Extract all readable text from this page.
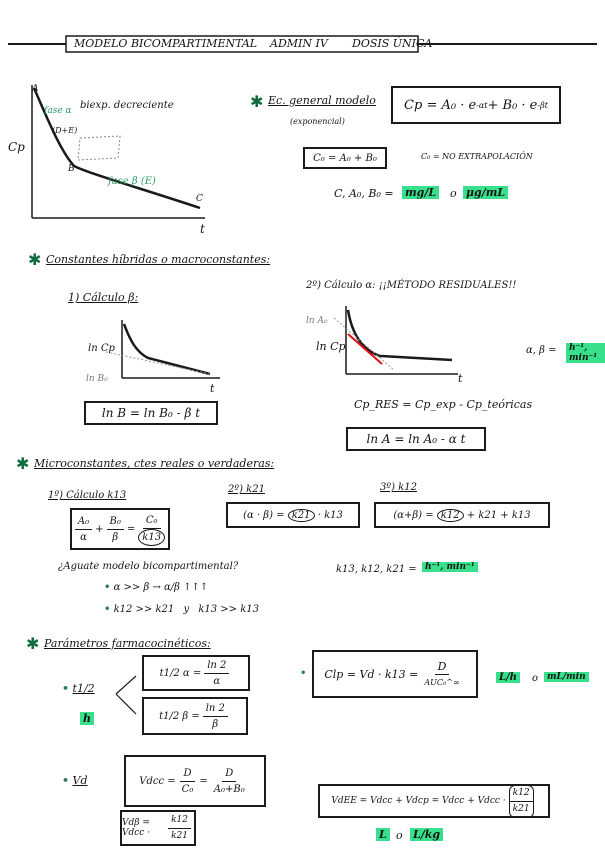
MODELO BICOMPARTIMENTAL ADMIN IV DOSIS ÚNICA
Cp
t
A
B
C
biexp. decreciente
fase α
(D+E)
fase β (E)
✱ Ec. general modelo
(exponencial)
Cp = A₀ · e -αt + B₀ · e -βt
C₀ = A₀ + B₀	C₀ = NO EXTRAPOLACIÓN
C, A₀, B₀ = mg/L o μg/mL
✱ Constantes híbridas o macroconstantes:
1) Cálculo β:
ln Cp
ln B₀
t
ln B = ln B₀ - β t
2º) Cálculo α: ¡¡MÉTODO RESIDUALES!!
ln A₀
ln Cp
t
Cp_RES = Cp_exp - Cp_teóricas
ln A = ln A₀ - α t
α, β =	h⁻¹, min⁻¹
✱ Microconstantes, ctes reales o verdaderas:
1º) Cálculo k13
$\frac{\text{A₀}}{\alpha} + \frac{\text{B₀}}{\beta} = \frac{\text{C₀}}{k13}$
2º) k21
(α · β) =
k21
· k13
3º) k12
(α+β) =
k12
+ k21 + k13
¿Aguate modelo bicompartimental?
• α >> β → α/β ↑↑↑
• k12 >> k21 y k13 >> k13
k13, k12, k21 = h⁻¹, min⁻¹
✱ Parámetros farmacocinéticos:
• t1/2
h
t1/2 $\alpha = \frac{\ln 2}{\alpha}$
t1/2 $\beta = \frac{\ln 2}{\beta}$
• Clp = $Vd \cdot k13 = \frac{D}{\text{AUC₀\textasciicircum{}∞}}$	L/h	o mL/min
• Vd	Vdcc = $\frac{D}{\text{C₀}} = \frac{D}{\text{A₀+B₀}}$
Vdβ = Vdcc ·	$\frac{k12}{k21}$
VdEE = Vdcc + Vdcp = Vdcc + Vdcc · $\frac{k12}{k21}$
L o L/kg
